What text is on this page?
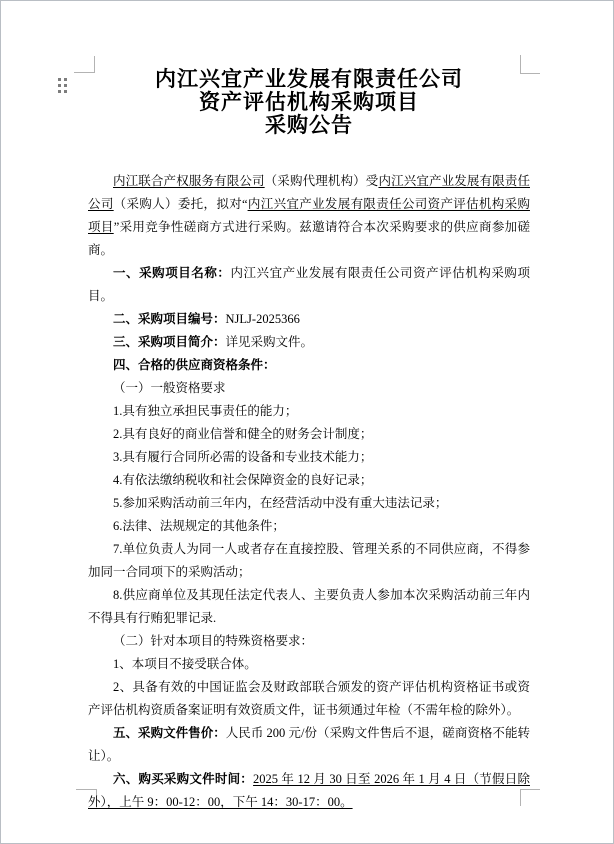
内江兴宜产业发展有限责任公司
资产评估机构采购项目
采购公告

内江联合产权服务有限公司（采购代理机构）受内江兴宜产业发展有限责任公司（采购人）委托，拟对“内江兴宜产业发展有限责任公司资产评估机构采购项目”采用竞争性磋商方式进行采购。兹邀请符合本次采购要求的供应商参加磋商。

一、采购项目名称：内江兴宜产业发展有限责任公司资产评估机构采购项目。

二、采购项目编号：NJLJ-2025366

三、采购项目简介：详见采购文件。

四、合格的供应商资格条件：

（一）一般资格要求

1.具有独立承担民事责任的能力；

2.具有良好的商业信誉和健全的财务会计制度；

3.具有履行合同所必需的设备和专业技术能力；

4.有依法缴纳税收和社会保障资金的良好记录；

5.参加采购活动前三年内，在经营活动中没有重大违法记录；

6.法律、法规规定的其他条件；

7.单位负责人为同一人或者存在直接控股、管理关系的不同供应商，不得参加同一合同项下的采购活动；

8.供应商单位及其现任法定代表人、主要负责人参加本次采购活动前三年内不得具有行贿犯罪记录.

（二）针对本项目的特殊资格要求：

1、本项目不接受联合体。

2、具备有效的中国证监会及财政部联合颁发的资产评估机构资格证书或资产评估机构资质备案证明有效资质文件，证书须通过年检（不需年检的除外）。

五、采购文件售价：人民币 200 元/份（采购文件售后不退，磋商资格不能转让）。

六、购买采购文件时间：2025 年 12 月 30 日至 2026 年 1 月 4 日（节假日除外），上午 9：00-12：00，下午 14：30-17：00。
